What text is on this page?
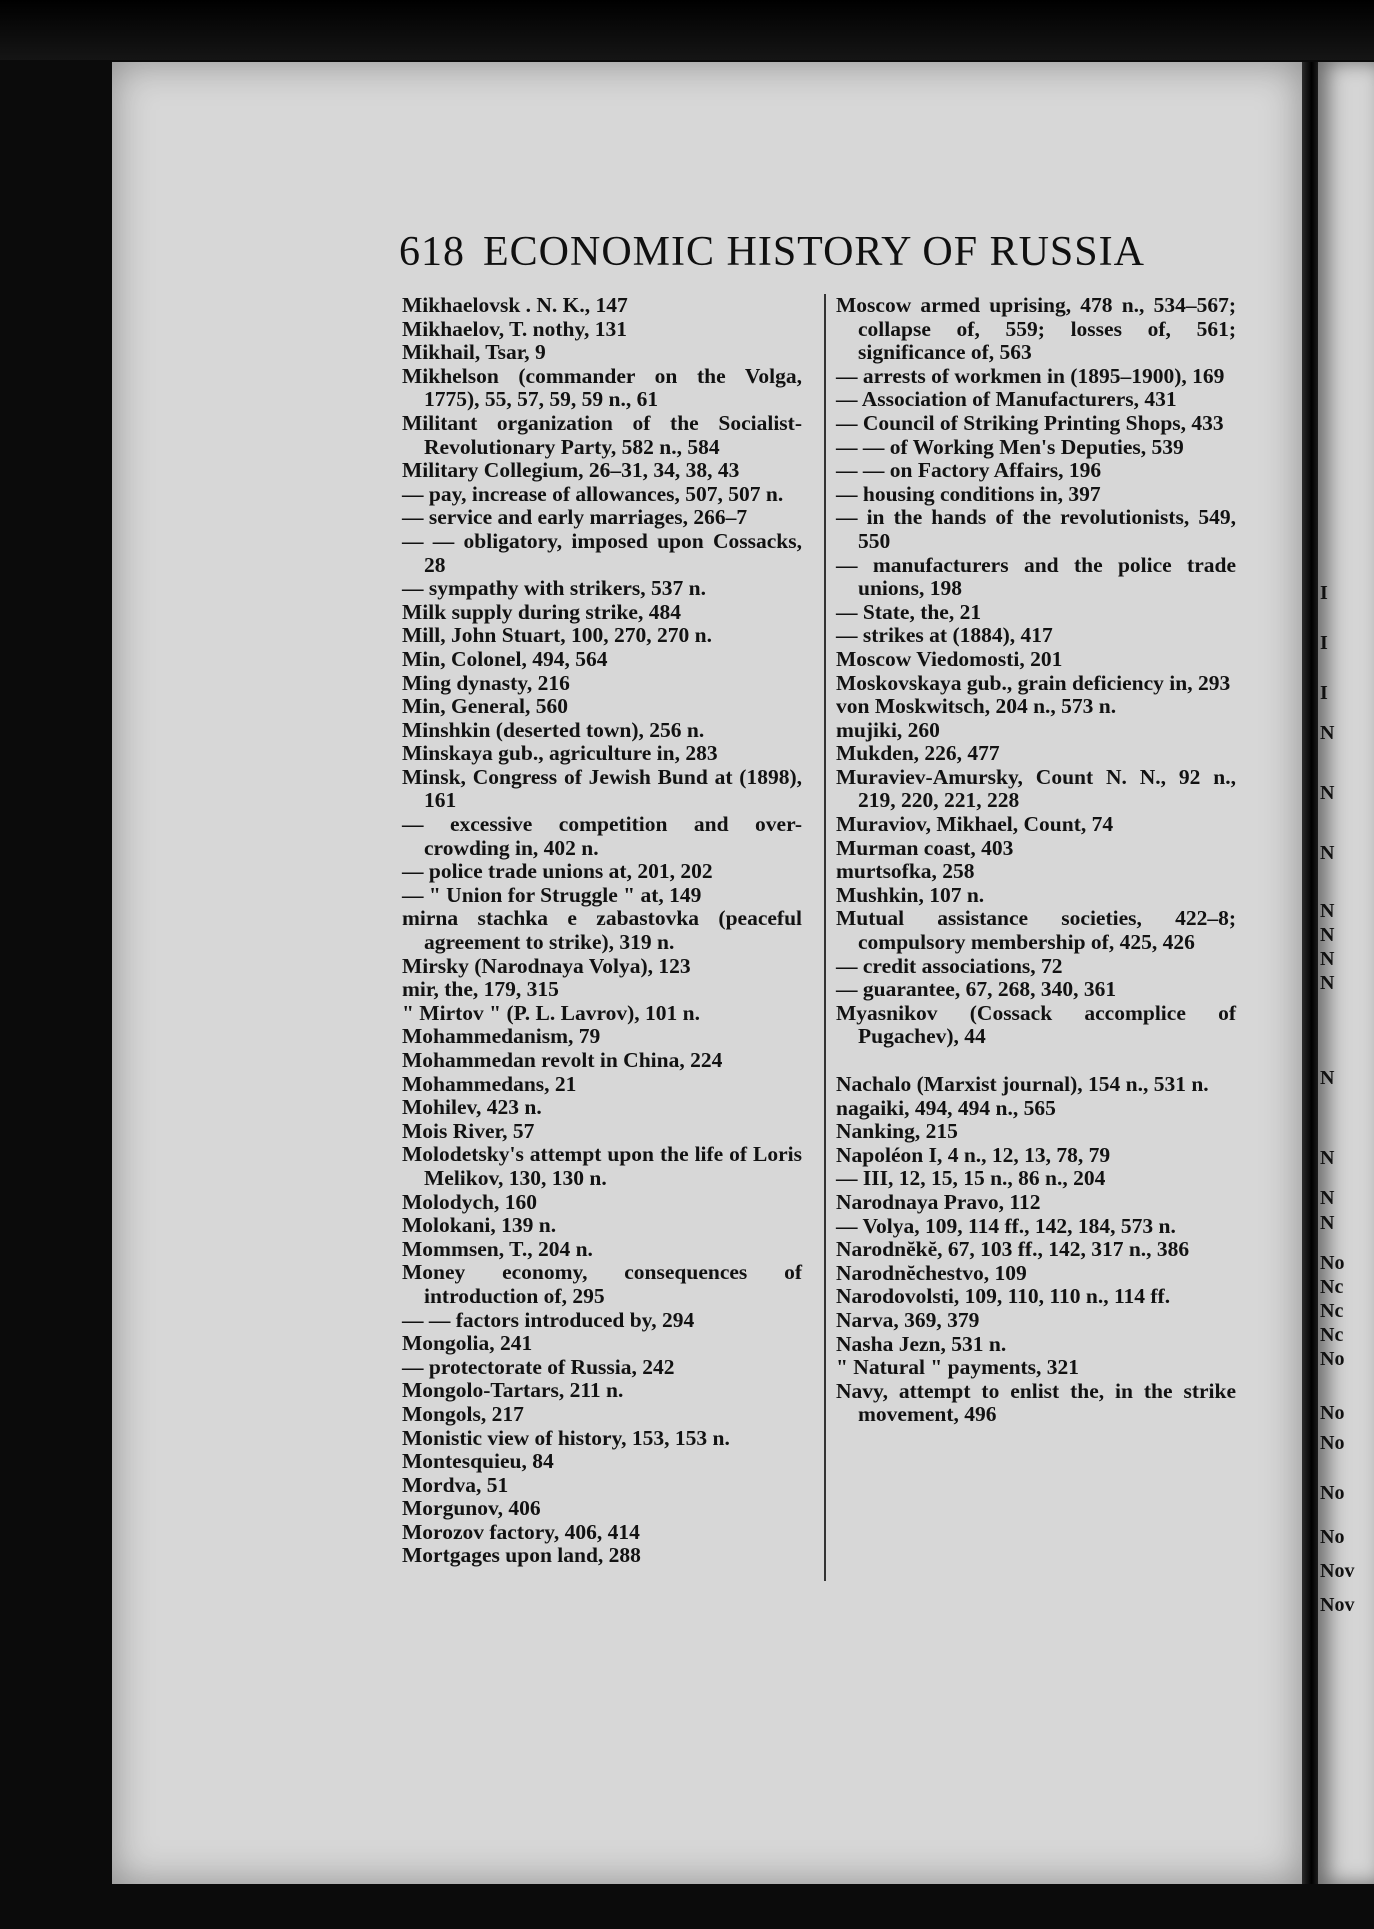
I
I
I
N
N
N
N
N
N
N
N
N
N
N
No
Nc
Nc
Nc
No
No
No
No
No
Nov
Nov
618 ECONOMIC HISTORY OF RUSSIA
Mikhaelovsk . N. K., 147
Mikhaelov, T. nothy, 131
Mikhail, Tsar, 9
Mikhelson (commander on the Volga, 1775), 55, 57, 59, 59 n., 61
Militant organization of the Socialist-Revolutionary Party, 582 n., 584
Military Collegium, 26–31, 34, 38, 43
— pay, increase of allowances, 507, 507 n.
— service and early marriages, 266–7
— — obligatory, imposed upon Cossacks, 28
— sympathy with strikers, 537 n.
Milk supply during strike, 484
Mill, John Stuart, 100, 270, 270 n.
Min, Colonel, 494, 564
Ming dynasty, 216
Min, General, 560
Minshkin (deserted town), 256 n.
Minskaya gub., agriculture in, 283
Minsk, Congress of Jewish Bund at (1898), 161
— excessive competition and over-crowding in, 402 n.
— police trade unions at, 201, 202
— " Union for Struggle " at, 149
mirna stachka e zabastovka (peaceful agreement to strike), 319 n.
Mirsky (Narodnaya Volya), 123
mir, the, 179, 315
" Mirtov " (P. L. Lavrov), 101 n.
Mohammedanism, 79
Mohammedan revolt in China, 224
Mohammedans, 21
Mohilev, 423 n.
Mois River, 57
Molodetsky's attempt upon the life of Loris Melikov, 130, 130 n.
Molodych, 160
Molokani, 139 n.
Mommsen, T., 204 n.
Money economy, consequences of introduction of, 295
— — factors introduced by, 294
Mongolia, 241
— protectorate of Russia, 242
Mongolo-Tartars, 211 n.
Mongols, 217
Monistic view of history, 153, 153 n.
Montesquieu, 84
Mordva, 51
Morgunov, 406
Morozov factory, 406, 414
Mortgages upon land, 288
Moscow armed uprising, 478 n., 534–567; collapse of, 559; losses of, 561; significance of, 563
— arrests of workmen in (1895–1900), 169
— Association of Manufacturers, 431
— Council of Striking Printing Shops, 433
— — of Working Men's Deputies, 539
— — on Factory Affairs, 196
— housing conditions in, 397
— in the hands of the revolutionists, 549, 550
— manufacturers and the police trade unions, 198
— State, the, 21
— strikes at (1884), 417
Moscow Viedomosti, 201
Moskovskaya gub., grain deficiency in, 293
von Moskwitsch, 204 n., 573 n.
mujiki, 260
Mukden, 226, 477
Muraviev-Amursky, Count N. N., 92 n., 219, 220, 221, 228
Muraviov, Mikhael, Count, 74
Murman coast, 403
murtsofka, 258
Mushkin, 107 n.
Mutual assistance societies, 422–8; compulsory membership of, 425, 426
— credit associations, 72
— guarantee, 67, 268, 340, 361
Myasnikov (Cossack accomplice of Pugachev), 44
Nachalo (Marxist journal), 154 n., 531 n.
nagaiki, 494, 494 n., 565
Nanking, 215
Napoléon I, 4 n., 12, 13, 78, 79
— III, 12, 15, 15 n., 86 n., 204
Narodnaya Pravo, 112
— Volya, 109, 114 ff., 142, 184, 573 n.
Narodnĕkĕ, 67, 103 ff., 142, 317 n., 386
Narodnĕchestvo, 109
Narodovolsti, 109, 110, 110 n., 114 ff.
Narva, 369, 379
Nasha Jezn, 531 n.
" Natural " payments, 321
Navy, attempt to enlist the, in the strike movement, 496
